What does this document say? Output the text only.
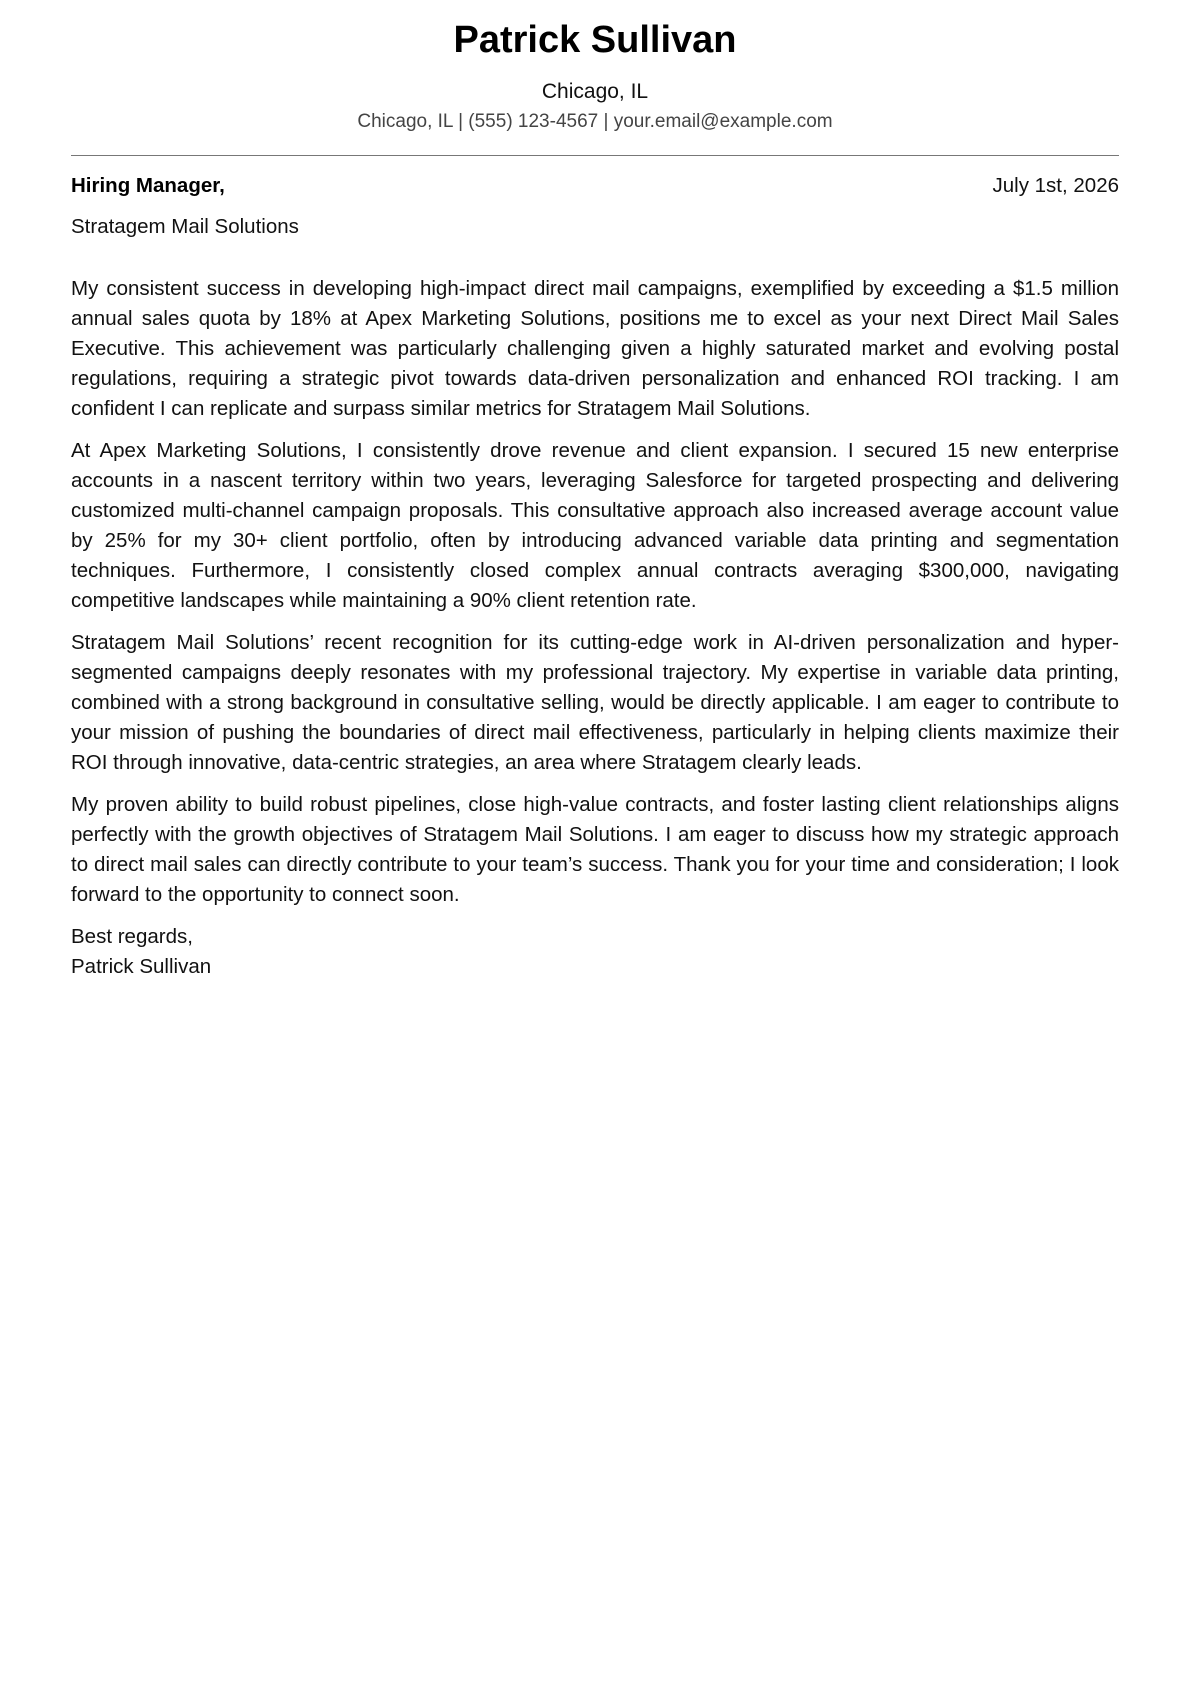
Patrick Sullivan
Chicago, IL
Chicago, IL | (555) 123-4567 | your.email@example.com
Hiring Manager,	July 1st, 2026
Stratagem Mail Solutions

My consistent success in developing high-impact direct mail campaigns, exemplified by exceeding a $1.5 million annual sales quota by 18% at Apex Marketing Solutions, positions me to excel as your next Direct Mail Sales Executive. This achievement was particularly challenging given a highly saturated market and evolving postal regulations, requiring a strategic pivot towards data-driven personalization and enhanced ROI tracking. I am confident I can replicate and surpass similar metrics for Stratagem Mail Solutions.

At Apex Marketing Solutions, I consistently drove revenue and client expansion. I secured 15 new enterprise accounts in a nascent territory within two years, leveraging Salesforce for targeted prospecting and delivering customized multi-channel campaign proposals. This consultative approach also increased average account value by 25% for my 30+ client portfolio, often by introducing advanced variable data printing and segmentation techniques. Furthermore, I consistently closed complex annual contracts averaging $300,000, navigating competitive landscapes while maintaining a 90% client retention rate.

Stratagem Mail Solutions’ recent recognition for its cutting-edge work in AI-driven personalization and hyper-segmented campaigns deeply resonates with my professional trajectory. My expertise in variable data printing, combined with a strong background in consultative selling, would be directly applicable. I am eager to contribute to your mission of pushing the boundaries of direct mail effectiveness, particularly in helping clients maximize their ROI through innovative, data-centric strategies, an area where Stratagem clearly leads.

My proven ability to build robust pipelines, close high-value contracts, and foster lasting client relationships aligns perfectly with the growth objectives of Stratagem Mail Solutions. I am eager to discuss how my strategic approach to direct mail sales can directly contribute to your team’s success. Thank you for your time and consideration; I look forward to the opportunity to connect soon.

Best regards,
Patrick Sullivan
